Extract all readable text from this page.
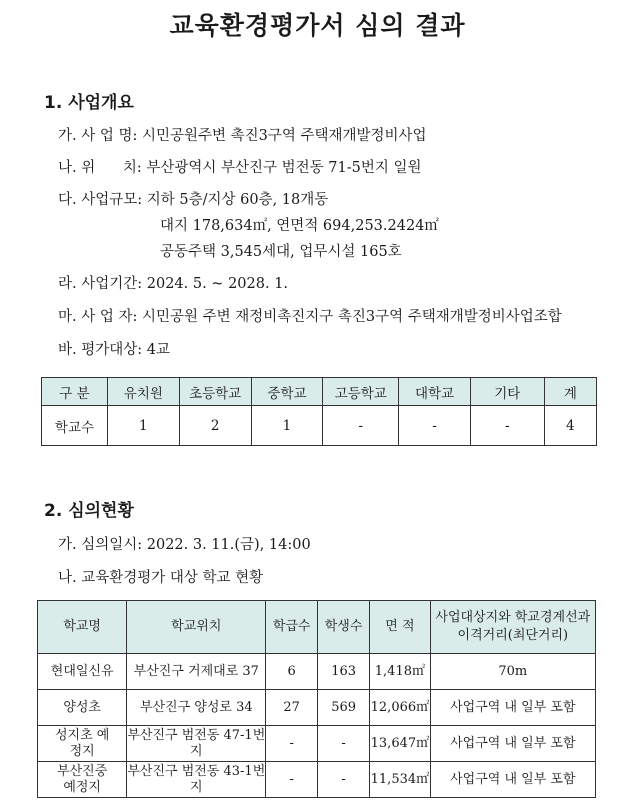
교육환경평가서 심의 결과
1. 사업개요
가. 사 업 명: 시민공원주변 촉진3구역 주택재개발정비사업
나. 위      치: 부산광역시 부산진구 범전동 71-5번지 일원
다. 사업규모: 지하 5층/지상 60층, 18개동
대지 178,634㎡, 연면적 694,253.2424㎡
공동주택 3,545세대, 업무시설 165호
라. 사업기간: 2024. 5. ~ 2028. 1.
마. 사 업 자: 시민공원 주변 재정비촉진지구 촉진3구역 주택재개발정비사업조합
바. 평가대상: 4교
구 분	유치원	초등학교	중학교	고등학교	대학교	기타	계
학교수	1	2	1	-	-	-	4
2. 심의현황
가. 심의일시: 2022. 3. 11.(금), 14:00
나. 교육환경평가 대상 학교 현황
학교명	학교위치	학급수	학생수	면 적	사업대상지와 학교경계선과 이격거리(최단거리)
현대일신유	부산진구 거제대로 37	6	163	1,418㎡	70m
양성초	부산진구 양성로 34	27	569	12,066㎡	사업구역 내 일부 포함
성지초 예정지	부산진구 범전동 47-1번지	-	-	13,647㎡	사업구역 내 일부 포함
부산진중 예정지	부산진구 범전동 43-1번지	-	-	11,534㎡	사업구역 내 일부 포함
